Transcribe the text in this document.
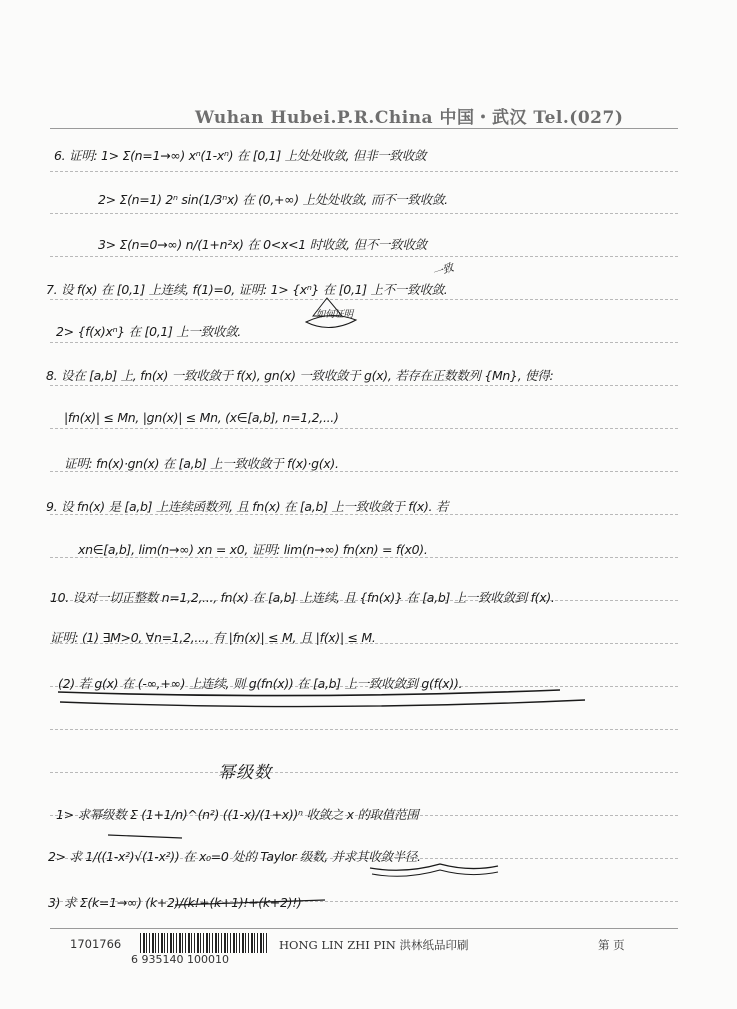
Wuhan Hubei.P.R.China 中国・武汉 Tel.(027)
6. 证明: 1> Σ(n=1→∞) xⁿ(1-xⁿ) 在 [0,1] 上处处收敛, 但非一致收敛
2> Σ(n=1) 2ⁿ sin(1/3ⁿx) 在 (0,+∞) 上处处收敛, 而不一致收敛.
3> Σ(n=0→∞) n/(1+n²x) 在 0<x<1 时收敛, 但不一致收敛
7. 设 f(x) 在 [0,1] 上连续, f(1)=0, 证明: 1> {xⁿ} 在 [0,1] 上不一致收敛.
2> {f(x)xⁿ} 在 [0,1] 上一致收敛.
8. 设在 [a,b] 上, fn(x) 一致收敛于 f(x), gn(x) 一致收敛于 g(x), 若存在正数数列 {Mn}, 使得:
|fn(x)| ≤ Mn, |gn(x)| ≤ Mn, (x∈[a,b], n=1,2,...)
证明: fn(x)·gn(x) 在 [a,b] 上一致收敛于 f(x)·g(x).
9. 设 fn(x) 是 [a,b] 上连续函数列, 且 fn(x) 在 [a,b] 上一致收敛于 f(x). 若
xn∈[a,b], lim(n→∞) xn = x0, 证明: lim(n→∞) fn(xn) = f(x0).
10. 设对一切正整数 n=1,2,..., fn(x) 在 [a,b] 上连续, 且 {fn(x)} 在 [a,b] 上一致收敛到 f(x).
证明: (1) ∃M>0, ∀n=1,2,..., 有 |fn(x)| ≤ M, 且 |f(x)| ≤ M.
(2) 若 g(x) 在 (-∞,+∞) 上连续, 则 g(fn(x)) 在 [a,b] 上一致收敛到 g(f(x)).
幂级数
1> 求幂级数 Σ (1+1/n)^(n²) ((1-x)/(1+x))ⁿ 收敛之 x 的取值范围
2> 求 1/((1-x²)√(1-x²)) 在 x₀=0 处的 Taylor 级数, 并求其收敛半径.
3) 求 Σ(k=1→∞) (k+2)/(k!+(k+1)!+(k+2)!)
一致
如何证明
1701766
6 935140 100010
HONG LIN ZHI PIN 洪林纸品印刷	第 页
